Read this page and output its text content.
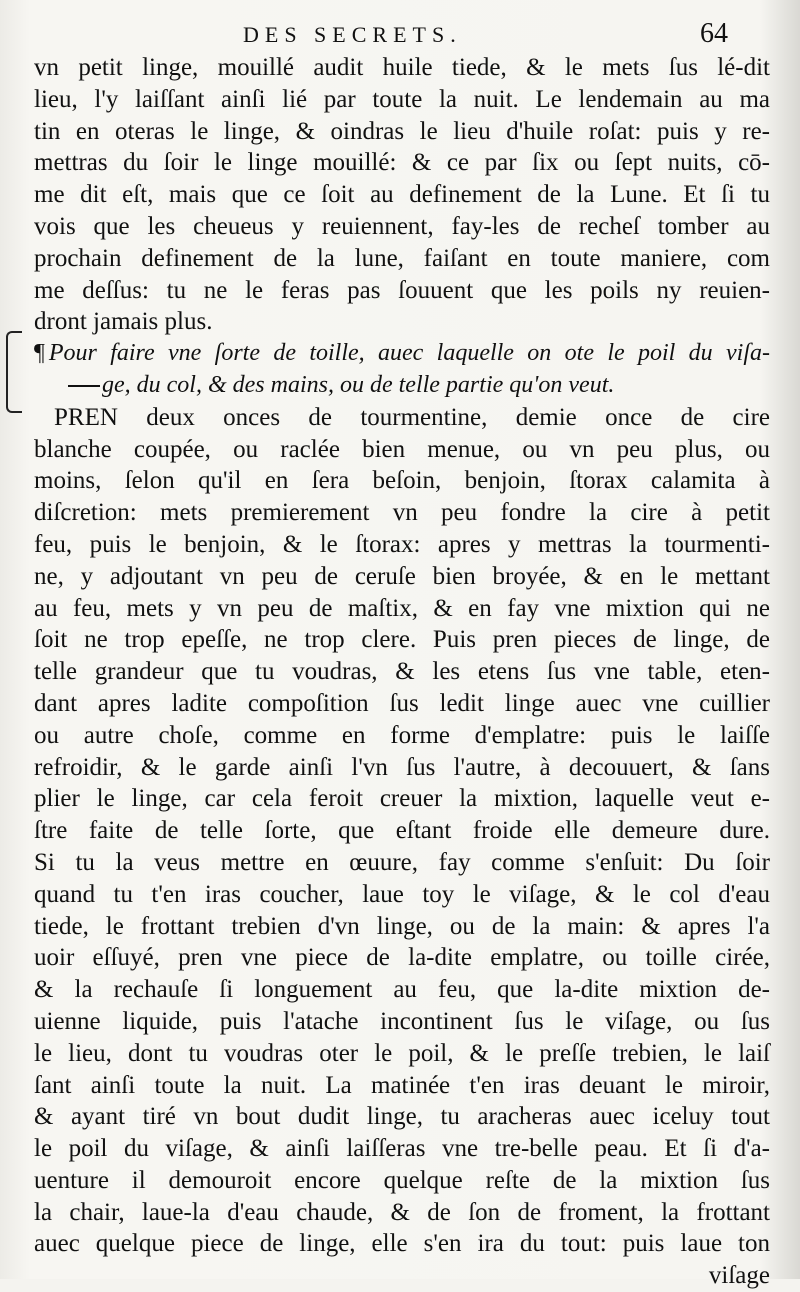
DES SECRETS.	64
vn petit linge, mouillé audit huile tiede, & le mets ſus lé-dit
lieu, l'y laiſſant ainſi lié par toute la nuit. Le lendemain au ma
tin en oteras le linge, & oindras le lieu d'huile roſat: puis y re-
mettras du ſoir le linge mouillé: & ce par ſix ou ſept nuits, cō-
me dit eſt, mais que ce ſoit au definement de la Lune. Et ſi tu
vois que les cheueus y reuiennent, fay-les de recheſ tomber au
prochain definement de la lune, faiſant en toute maniere, com
me deſſus: tu ne le feras pas ſouuent que les poils ny reuien-
dront jamais plus.
¶ Pour faire vne ſorte de toille, auec laquelle on ote le poil du viſa-
ge, du col, & des mains, ou de telle partie qu'on veut.
PREN deux onces de tourmentine, demie once de cire
blanche coupée, ou raclée bien menue, ou vn peu plus, ou
moins, ſelon qu'il en ſera beſoin, benjoin, ſtorax calamita à
diſcretion: mets premierement vn peu fondre la cire à petit
feu, puis le benjoin, & le ſtorax: apres y mettras la tourmenti-
ne, y adjoutant vn peu de ceruſe bien broyée, & en le mettant
au feu, mets y vn peu de maſtix, & en fay vne mixtion qui ne
ſoit ne trop epeſſe, ne trop clere. Puis pren pieces de linge, de
telle grandeur que tu voudras, & les etens ſus vne table, eten-
dant apres ladite compoſition ſus ledit linge auec vne cuillier
ou autre choſe, comme en forme d'emplatre: puis le laiſſe
refroidir, & le garde ainſi l'vn ſus l'autre, à decouuert, & ſans
plier le linge, car cela feroit creuer la mixtion, laquelle veut e-
ſtre faite de telle ſorte, que eſtant froide elle demeure dure.
Si tu la veus mettre en œuure, fay comme s'enſuit: Du ſoir
quand tu t'en iras coucher, laue toy le viſage, & le col d'eau
tiede, le frottant trebien d'vn linge, ou de la main: & apres l'a
uoir eſſuyé, pren vne piece de la-dite emplatre, ou toille cirée,
& la rechauſe ſi longuement au feu, que la-dite mixtion de-
uienne liquide, puis l'atache incontinent ſus le viſage, ou ſus
le lieu, dont tu voudras oter le poil, & le preſſe trebien, le laiſ
ſant ainſi toute la nuit. La matinée t'en iras deuant le miroir,
& ayant tiré vn bout dudit linge, tu aracheras auec iceluy tout
le poil du viſage, & ainſi laiſſeras vne tre-belle peau. Et ſi d'a-
uenture il demouroit encore quelque reſte de la mixtion ſus
la chair, laue-la d'eau chaude, & de ſon de froment, la frottant
auec quelque piece de linge, elle s'en ira du tout: puis laue ton
viſage
